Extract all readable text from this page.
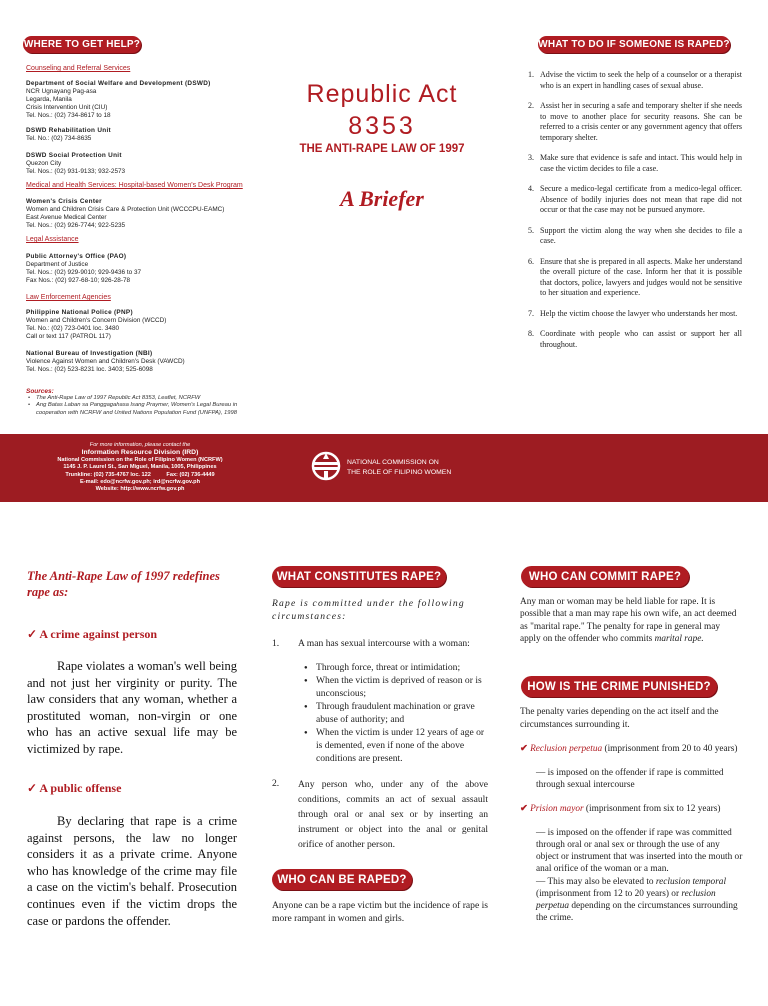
WHERE TO GET HELP?
Counseling and Referral Services
Department of Social Welfare and Development (DSWD)
NCR Ugnayang Pag-asa
Legarda, Manila
Crisis Intervention Unit (CIU)
Tel. Nos.: (02) 734-8617 to 18
DSWD Rehabilitation Unit
Tel. No.: (02) 734-8635
DSWD Social Protection Unit
Quezon City
Tel. Nos.: (02) 931-9133; 932-2573
Medical and Health Services: Hospital-based Women's Desk Program
Women's Crisis Center
Women and Children Crisis Care & Protection Unit (WCCCPU-EAMC)
East Avenue Medical Center
Tel. Nos.: (02) 926-7744; 922-5235
Legal Assistance
Public Attorney's Office (PAO)
Department of Justice
Tel. Nos.: (02) 929-9010; 929-9436 to 37
Fax Nos.: (02) 927-68-10; 926-28-78
Law Enforcement Agencies
Philippine National Police (PNP)
Women and Children's Concern Division (WCCD)
Tel. No.: (02) 723-0401 loc. 3480
Call or text 117 (PATROL 117)
National Bureau of Investigation (NBI)
Violence Against Women and Children's Desk (VAWCD)
Tel. Nos.: (02) 523-8231 loc. 3403; 525-6098
Sources:
• The Anti-Rape Law of 1997 Republic Act 8353, Leaflet, NCRFW
• Ang Batas Laban sa Panggagahasa Isang Praymer, Women's Legal Bureau in cooperation with NCRFW and United Nations Population Fund (UNFPA), 1998
Republic Act
8353
THE ANTI-RAPE LAW OF 1997
A Briefer
WHAT TO DO IF SOMEONE IS RAPED?
1. Advise the victim to seek the help of a counselor or a therapist who is an expert in handling cases of sexual abuse.
2. Assist her in securing a safe and temporary shelter if she needs to move to another place for security reasons. She can be referred to a crisis center or any government agency that offers temporary shelter.
3. Make sure that evidence is safe and intact. This would help in case the victim decides to file a case.
4. Secure a medico-legal certificate from a medico-legal officer. Absence of bodily injuries does not mean that rape did not occur or that the case may not be pursued anymore.
5. Support the victim along the way when she decides to file a case.
6. Ensure that she is prepared in all aspects. Make her understand the overall picture of the case. Inform her that it is possible that doctors, police, lawyers and judges would not be sensitive to her situation and experience.
7. Help the victim choose the lawyer who understands her most.
8. Coordinate with people who can assist or support her all throughout.
For more information, please contact the
Information Resource Division (IRD)
National Commission on the Role of Filipino Women (NCRFW)
1145 J. P. Laurel St., San Miguel, Manila, 1005, Philippines
Trunkline: (02) 735-4767 loc. 122          Fax: (02) 736-4449
E-mail: edo@ncrfw.gov.ph; ird@ncrfw.gov.ph
Website: http://www.ncrfw.gov.ph
NATIONAL COMMISSION ON
THE ROLE OF FILIPINO WOMEN
The Anti-Rape Law of 1997 redefines rape as:
✓ A crime against person
Rape violates a woman's well being and not just her virginity or purity. The law considers that any woman, whether a prostituted woman, non-virgin or one who has an active sexual life may be victimized by rape.
✓ A public offense
By declaring that rape is a crime against persons, the law no longer considers it as a private crime. Anyone who has knowledge of the crime may file a case on the victim's behalf. Prosecution continues even if the victim drops the case or pardons the offender.
WHAT CONSTITUTES RAPE?
Rape is committed under the following circumstances:
1. A man has sexual intercourse with a woman:
● Through force, threat or intimidation;
● When the victim is deprived of reason or is unconscious;
● Through fraudulent machination or grave abuse of authority; and
● When the victim is under 12 years of age or is demented, even if none of the above conditions are present.
2. Any person who, under any of the above conditions, commits an act of sexual assault through oral or anal sex or by inserting an instrument or object into the anal or genital orifice of another person.
WHO CAN BE RAPED?
Anyone can be a rape victim but the incidence of rape is more rampant in women and girls.
WHO CAN COMMIT RAPE?
Any man or woman may be held liable for rape. It is possible that a man may rape his own wife, an act deemed as "marital rape." The penalty for rape in general may apply on the offender who commits marital rape.
HOW IS THE CRIME PUNISHED?
The penalty varies depending on the act itself and the circumstances surrounding it.
✔ Reclusion perpetua (imprisonment from 20 to 40 years)
— is imposed on the offender if rape is committed through sexual intercourse
✔ Prision mayor (imprisonment from six to 12 years)
— is imposed on the offender if rape was committed through oral or anal sex or through the use of any object or instrument that was inserted into the mouth or anal orifice of the woman or a man.
— This may also be elevated to reclusion temporal (imprisonment from 12 to 20 years) or reclusion perpetua depending on the circumstances surrounding the crime.
